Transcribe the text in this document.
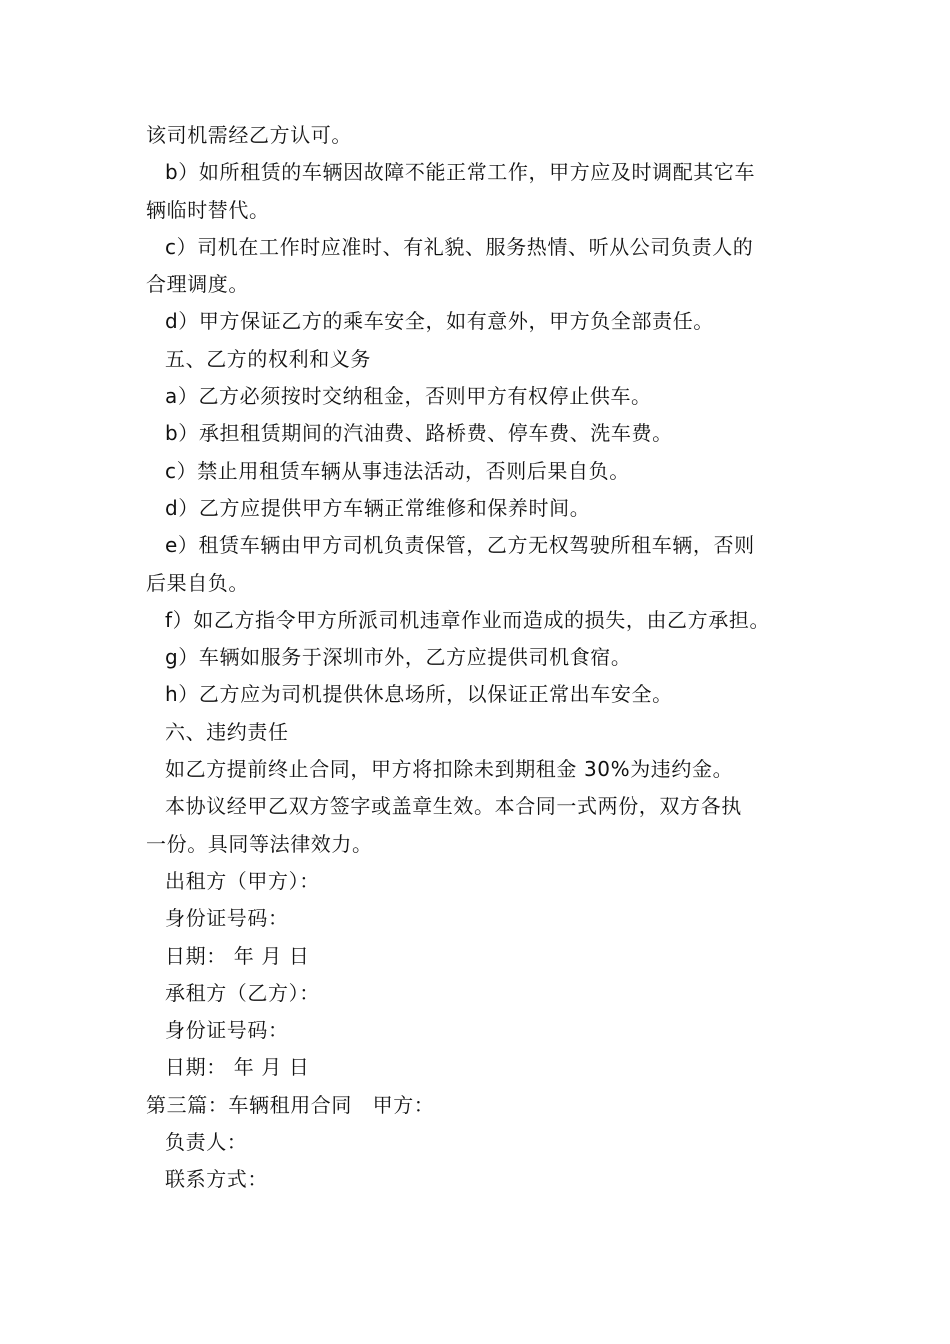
该司机需经乙方认可。
b）如所租赁的车辆因故障不能正常工作，甲方应及时调配其它车
辆临时替代。
c）司机在工作时应准时、有礼貌、服务热情、听从公司负责人的
合理调度。
d）甲方保证乙方的乘车安全，如有意外，甲方负全部责任。
五、乙方的权利和义务
a）乙方必须按时交纳租金，否则甲方有权停止供车。
b）承担租赁期间的汽油费、路桥费、停车费、洗车费。
c）禁止用租赁车辆从事违法活动，否则后果自负。
d）乙方应提供甲方车辆正常维修和保养时间。
e）租赁车辆由甲方司机负责保管，乙方无权驾驶所租车辆，否则
后果自负。
f）如乙方指令甲方所派司机违章作业而造成的损失，由乙方承担。
g）车辆如服务于深圳市外，乙方应提供司机食宿。
h）乙方应为司机提供休息场所，以保证正常出车安全。
六、违约责任
如乙方提前终止合同，甲方将扣除未到期租金 30%为违约金。
本协议经甲乙双方签字或盖章生效。本合同一式两份，双方各执
一份。具同等法律效力。
出租方（甲方）：
身份证号码：
日期： 年 月 日
承租方（乙方）：
身份证号码：
日期： 年 月 日
第三篇：车辆租用合同　甲方：
负责人：
联系方式：
